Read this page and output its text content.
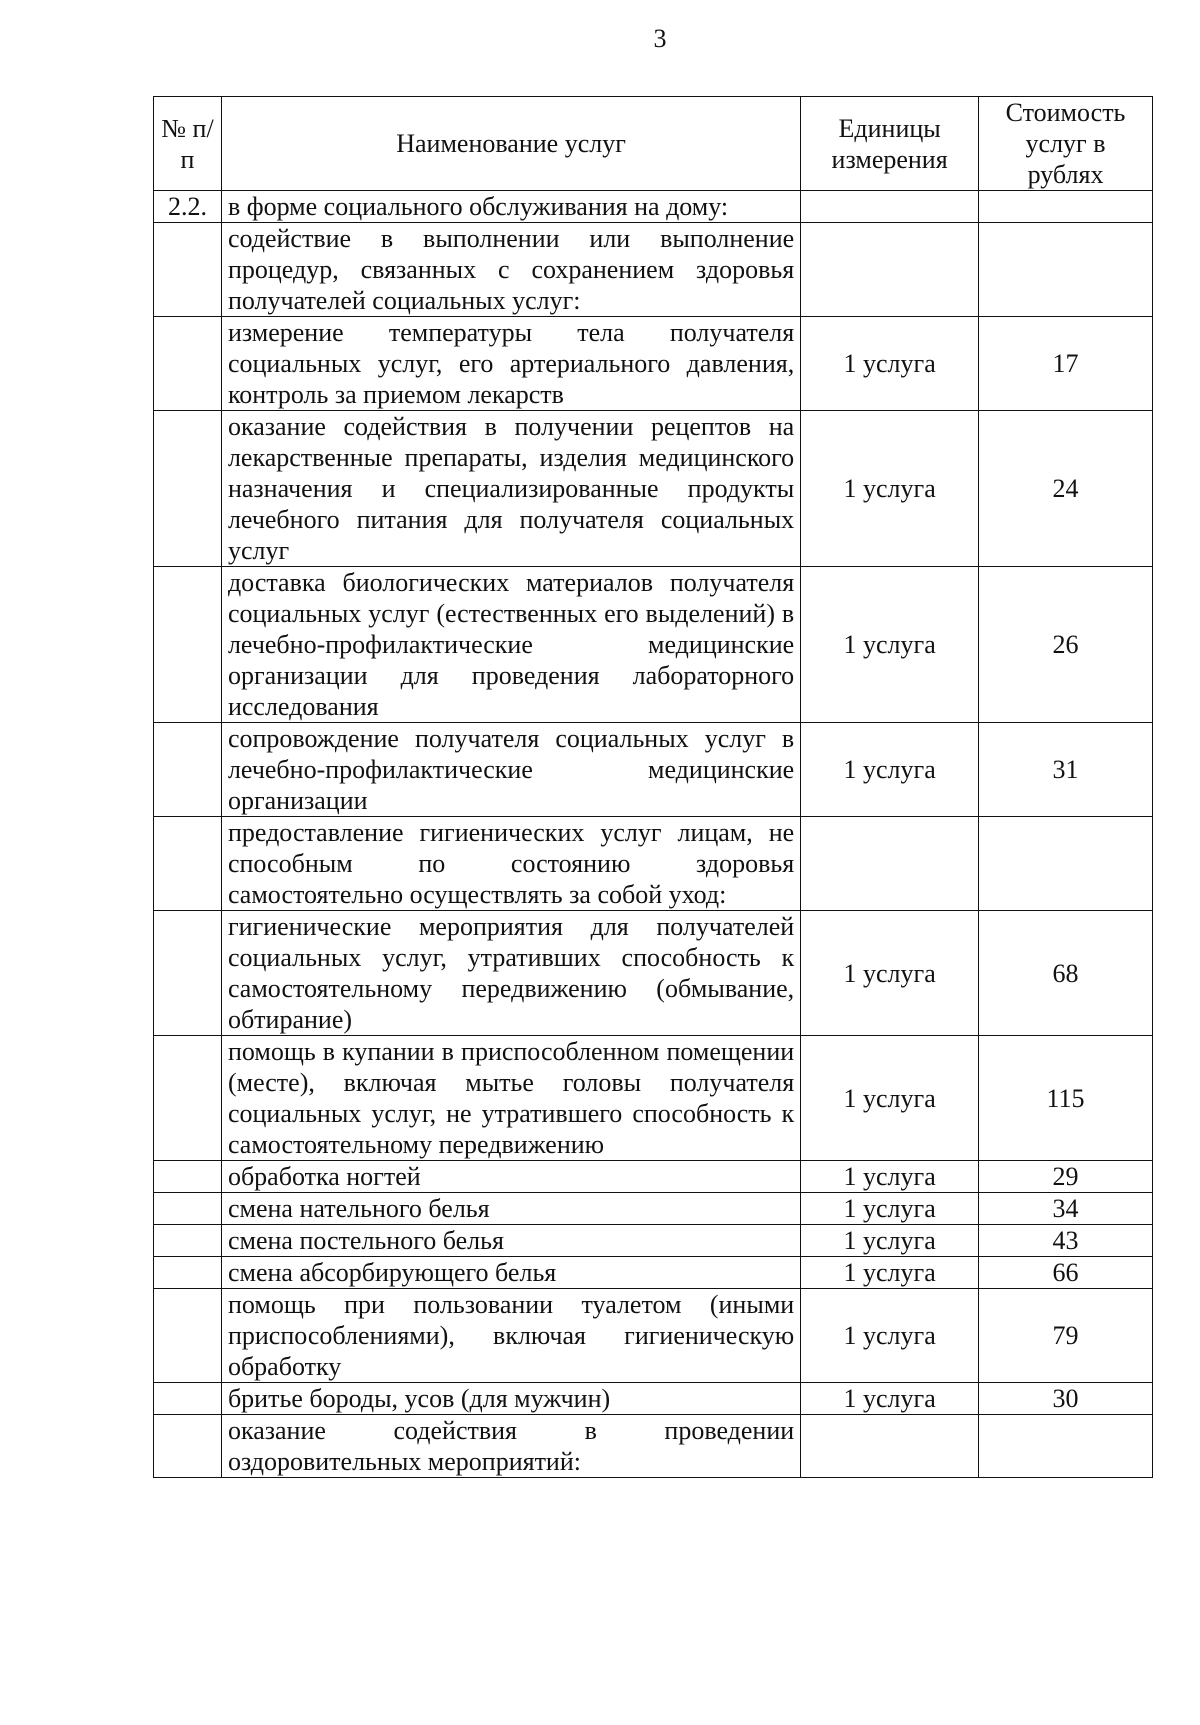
3
№ п/п	Наименование услуг	Единицы измерения	Стоимость услуг в рублях
2.2.	в форме социального обслуживания на дому:		
	содействие в выполнении или выполнение процедур, связанных с сохранением здоровья получателей социальных услуг:		
	измерение температуры тела получателя социальных услуг, его артериального давления, контроль за приемом лекарств	1 услуга	17
	оказание содействия в получении рецептов на лекарственные препараты, изделия медицинского назначения и специализированные продукты лечебного питания для получателя социальных услуг	1 услуга	24
	доставка биологических материалов получателя социальных услуг (естественных его выделений) в лечебно-профилактические медицинские организации для проведения лабораторного исследования	1 услуга	26
	сопровождение получателя социальных услуг в лечебно-профилактические медицинские организации	1 услуга	31
	предоставление гигиенических услуг лицам, не способным по состоянию здоровья самостоятельно осуществлять за собой уход:		
	гигиенические мероприятия для получателей социальных услуг, утративших способность к самостоятельному передвижению (обмывание, обтирание)	1 услуга	68
	помощь в купании в приспособленном помещении (месте), включая мытье головы получателя социальных услуг, не утратившего способность к самостоятельному передвижению	1 услуга	115
	обработка ногтей	1 услуга	29
	смена нательного белья	1 услуга	34
	смена постельного белья	1 услуга	43
	смена абсорбирующего белья	1 услуга	66
	помощь при пользовании туалетом (иными приспособлениями), включая гигиеническую обработку	1 услуга	79
	бритье бороды, усов (для мужчин)	1 услуга	30
	оказание содействия в проведении оздоровительных мероприятий:		
